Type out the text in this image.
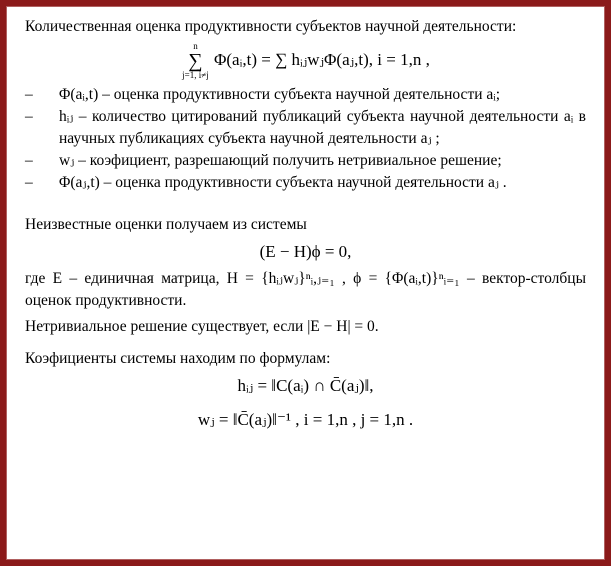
Количественная оценка продуктивности субъектов научной деятельности:

n
∑
j=1, i≠j
Φ(aᵢ,t) = ∑ hᵢⱼwⱼΦ(aⱼ,t), i = 1,n ,

–	Φ(aᵢ,t) – оценка продуктивности субъекта научной деятельности aᵢ;
–	hᵢⱼ – количество цитирований публикаций субъекта научной деятельности aᵢ в научных публикациях субъекта научной деятельности aⱼ ;
–	wⱼ – коэфициент, разрешающий получить нетривиальное решение;
–	Φ(aⱼ,t) – оценка продуктивности субъекта научной деятельности aⱼ .

Неизвестные оценки получаем из системы

(E − H)ϕ = 0,

где E – единичная матрица, H = {hᵢⱼwⱼ}ⁿᵢ,ⱼ₌₁ , ϕ = {Φ(aᵢ,t)}ⁿᵢ₌₁ – вектор-столбцы оценок продуктивности.

Нетривиальное решение существует, если |E − H| = 0.

Коэфициенты системы находим по формулам:

hᵢⱼ = ‖C(aᵢ) ∩ C̄(aⱼ)‖,

wⱼ = ‖C̄(aⱼ)‖⁻¹ , i = 1,n , j = 1,n .
